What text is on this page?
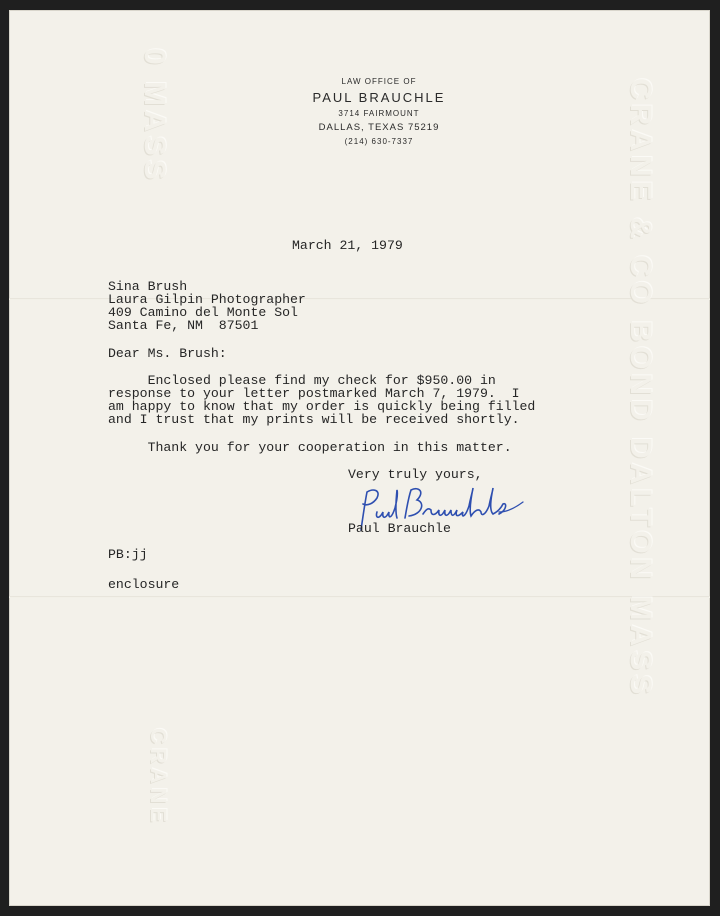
CRANE & CO BOND DALTON MASS
0 MASS
CRANE
LAW OFFICE OF
PAUL BRAUCHLE
3714 FAIRMOUNT
DALLAS, TEXAS 75219
(214) 630-7337
March 21, 1979
Sina Brush
Laura Gilpin Photographer
409 Camino del Monte Sol
Santa Fe, NM  87501
Dear Ms. Brush:
Enclosed please find my check for $950.00 in
response to your letter postmarked March 7, 1979.  I
am happy to know that my order is quickly being filled
and I trust that my prints will be received shortly.
Thank you for your cooperation in this matter.
Very truly yours,
Paul Brauchle
PB:jj
enclosure
